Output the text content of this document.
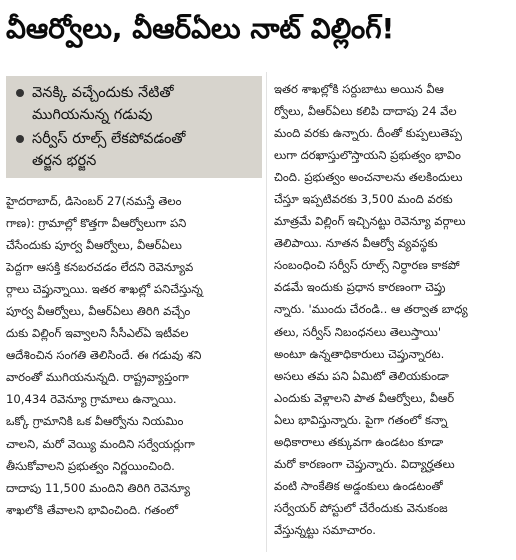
వీఆర్వోలు, వీఆర్‌ఏలు నాట్ విల్లింగ్!
వెనక్కి వచ్చేందుకు నేటితో
ముగియనున్న గడువు
సర్వీస్ రూల్స్ లేకపోవడంతో
తర్జన భర్జన
హైదరాబాద్, డిసెంబర్ 27(నమస్తే తెలం
గాణ): గ్రామాల్లో కొత్తగా వీఆర్వోలుగా పని
చేసేందుకు పూర్వ వీఆర్వోలు, వీఆర్‌ఏలు
పెద్దగా ఆసక్తి కనబరచడం లేదని రెవెన్యూవ
ర్గాలు చెప్తున్నాయి. ఇతర శాఖల్లో పనిచేస్తున్న
పూర్వ వీఆర్వోలు, వీఆర్‌ఏలు తిరిగి వచ్చేం
దుకు విల్లింగ్ ఇవ్వాలని సీసీఎల్‌ఏ ఇటీవల
ఆదేశించిన సంగతి తెలిసిందే. ఈ గడువు శని
వారంతో ముగియనున్నది. రాష్ట్రవ్యాప్తంగా
10,434 రెవెన్యూ గ్రామాలు ఉన్నాయి.
ఒక్కో గ్రామానికి ఒక వీఆర్వోను నియమిం
చాలని, మరో వెయ్యి మందిని సర్వేయర్లుగా
తీసుకోవాలని ప్రభుత్వం నిర్ణయించింది.
దాదాపు 11,500 మందిని తిరిగి రెవెన్యూ
శాఖలోకి తేవాలని భావించింది. గతంలో
ఇతర శాఖల్లోకి సర్దుబాటు అయిన వీఆ
ర్వోలు, వీఆర్‌ఏలు కలిపి దాదాపు 24 వేల
మంది వరకు ఉన్నారు. దీంతో కుప్పలుతెప్ప
లుగా దరఖాస్తులొస్తాయని ప్రభుత్వం భావిం
చింది. ప్రభుత్వం అంచనాలను తలకిందులు
చేస్తూ ఇప్పటివరకు 3,500 మంది వరకు
మాత్రమే విల్లింగ్ ఇచ్చినట్టు రెవెన్యూ వర్గాలు
తెలిపాయి. నూతన వీఆర్వో వ్యవస్థకు
సంబంధించి సర్వీస్ రూల్స్ నిర్ధారణ కాకపో
వడమే ఇందుకు ప్రధాన కారణంగా చెప్తు
న్నారు. 'ముందు చేరండి.. ఆ తర్వాత బాధ్య
తలు, సర్వీస్ నిబంధనలు తెలుస్తాయి'
అంటూ ఉన్నతాధికారులు చెప్తున్నారట.
అసలు తమ పని ఏమిటో తెలియకుండా
ఎందుకు వెళ్లాలని పాత వీఆర్వోలు, వీఆర్
ఏలు భావిస్తున్నారు. పైగా గతంలో కన్నా
అధికారాలు తక్కువగా ఉండటం కూడా
మరో కారణంగా చెప్తున్నారు. విద్యార్హతలు
వంటి సాంకేతిక అడ్డంకులు ఉండటంతో
సర్వేయర్ పోస్టులో చేరేందుకు వెనుకంజ
వేస్తున్నట్టు సమాచారం.
